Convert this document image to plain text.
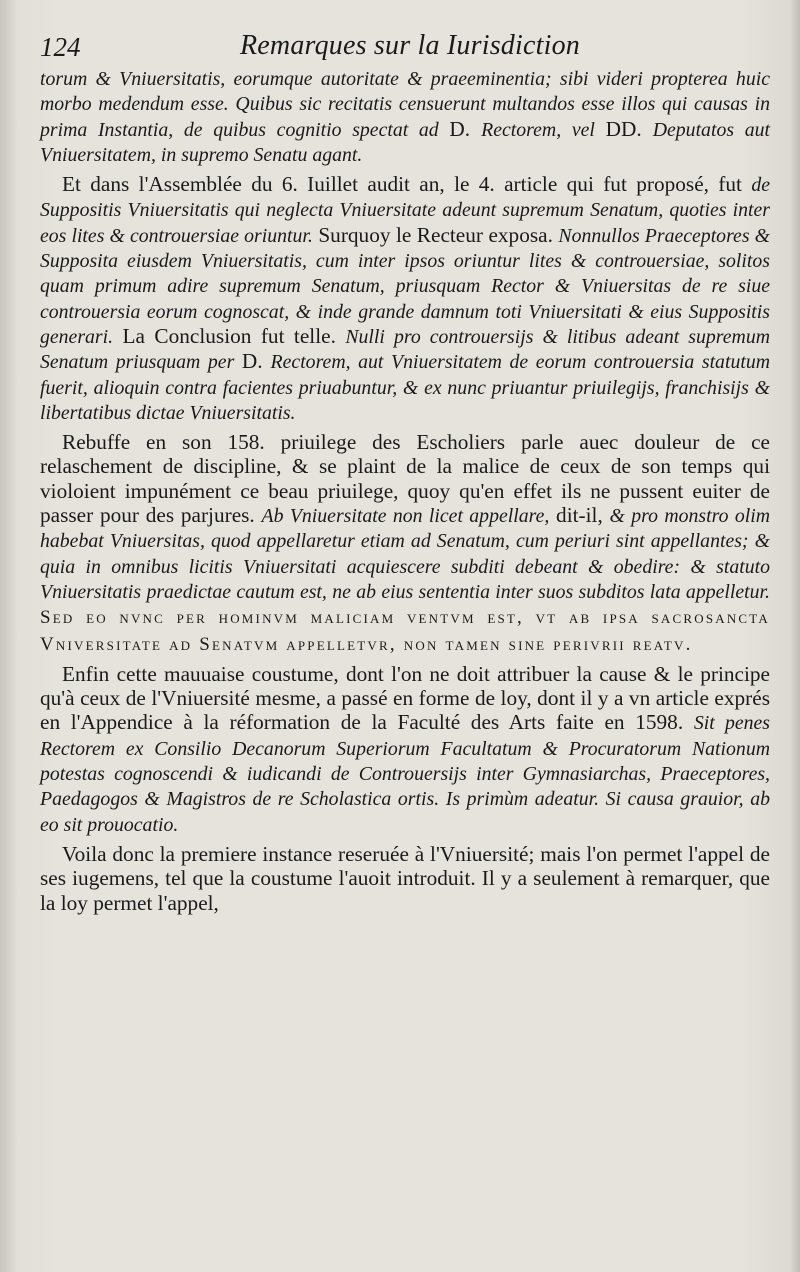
124	Remarques sur la Iurisdiction

torum & Vniuersitatis, eorumque autoritate & praeeminentia; sibi videri propterea huic morbo medendum esse. Quibus sic recitatis censuerunt multandos esse illos qui causas in prima Instantia, de quibus cognitio spectat ad D. Rectorem, vel DD. Deputatos aut Vniuersitatem, in supremo Senatu agant.

Et dans l'Assemblée du 6. Iuillet audit an, le 4. article qui fut proposé, fut de Suppositis Vniuersitatis qui neglecta Vniuersitate adeunt supremum Senatum, quoties inter eos lites & controuersiae oriuntur. Surquoy le Recteur exposa. Nonnullos Praeceptores & Supposita eiusdem Vniuersitatis, cum inter ipsos oriuntur lites & controuersiae, solitos quam primum adire supremum Senatum, priusquam Rector & Vniuersitas de re siue controuersia eorum cognoscat, & inde grande damnum toti Vniuersitati & eius Suppositis generari. La Conclusion fut telle. Nulli pro controuersijs & litibus adeant supremum Senatum priusquam per D. Rectorem, aut Vniuersitatem de eorum controuersia statutum fuerit, alioquin contra facientes priuabuntur, & ex nunc priuantur priuilegijs, franchisijs & libertatibus dictae Vniuersitatis.

Rebuffe en son 158. priuilege des Escholiers parle auec douleur de ce relaschement de discipline, & se plaint de la malice de ceux de son temps qui violoient impunément ce beau priuilege, quoy qu'en effet ils ne pussent euiter de passer pour des parjures. Ab Vniuersitate non licet appellare, dit-il, & pro monstro olim habebat Vniuersitas, quod appellaretur etiam ad Senatum, cum periuri sint appellantes; & quia in omnibus licitis Vniuersitati acquiescere subditi debeant & obedire: & statuto Vniuersitatis praedictae cautum est, ne ab eius sententia inter suos subditos lata appelletur. Sed eo nvnc per hominvm maliciam ventvm est, vt ab ipsa sacrosancta Vniversitate ad Senatvm appelletvr, non tamen sine perivrii reatv.

Enfin cette mauuaise coustume, dont l'on ne doit attribuer la cause & le principe qu'à ceux de l'Vniuersité mesme, a passé en forme de loy, dont il y a vn article exprés en l'Appendice à la réformation de la Faculté des Arts faite en 1598. Sit penes Rectorem ex Consilio Decanorum Superiorum Facultatum & Procuratorum Nationum potestas cognoscendi & iudicandi de Controuersijs inter Gymnasiarchas, Praeceptores, Paedagogos & Magistros de re Scholastica ortis. Is primùm adeatur. Si causa grauior, ab eo sit prouocatio.

Voila donc la premiere instance reseruée à l'Vniuersité; mais l'on permet l'appel de ses iugemens, tel que la coustume l'auoit introduit. Il y a seulement à remarquer, que la loy permet l'appel,
